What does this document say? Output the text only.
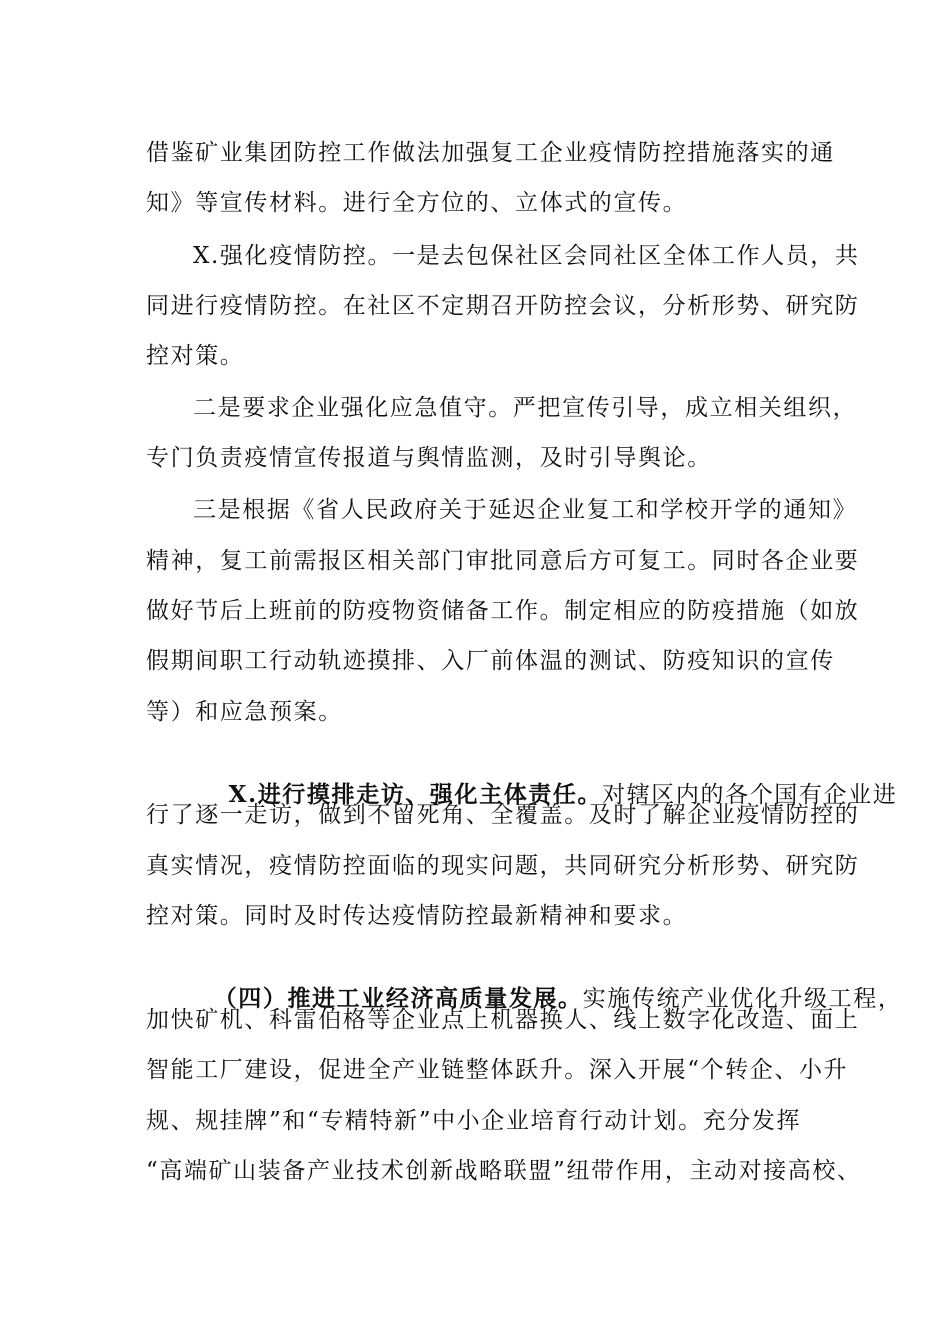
借鉴矿业集团防控工作做法加强复工企业疫情防控措施落实的通
知》等宣传材料。进行全方位的、立体式的宣传。
X.强化疫情防控。一是去包保社区会同社区全体工作人员，共
同进行疫情防控。在社区不定期召开防控会议，分析形势、研究防
控对策。
二是要求企业强化应急值守。严把宣传引导，成立相关组织，
专门负责疫情宣传报道与舆情监测，及时引导舆论。
三是根据《省人民政府关于延迟企业复工和学校开学的通知》
精神，复工前需报区相关部门审批同意后方可复工。同时各企业要
做好节后上班前的防疫物资储备工作。制定相应的防疫措施（如放
假期间职工行动轨迹摸排、入厂前体温的测试、防疫知识的宣传
等）和应急预案。

X.进行摸排走访、强化主体责任。对辖区内的各个国有企业进

行了逐一走访，做到不留死角、全覆盖。及时了解企业疫情防控的
真实情况，疫情防控面临的现实问题，共同研究分析形势、研究防
控对策。同时及时传达疫情防控最新精神和要求。

（四）推进工业经济高质量发展。实施传统产业优化升级工程，

加快矿机、科雷伯格等企业点上机器换人、线上数字化改造、面上
智能工厂建设，促进全产业链整体跃升。深入开展“个转企、小升
规、规挂牌”和“专精特新”中小企业培育行动计划。充分发挥
“高端矿山装备产业技术创新战略联盟”纽带作用，主动对接高校、
